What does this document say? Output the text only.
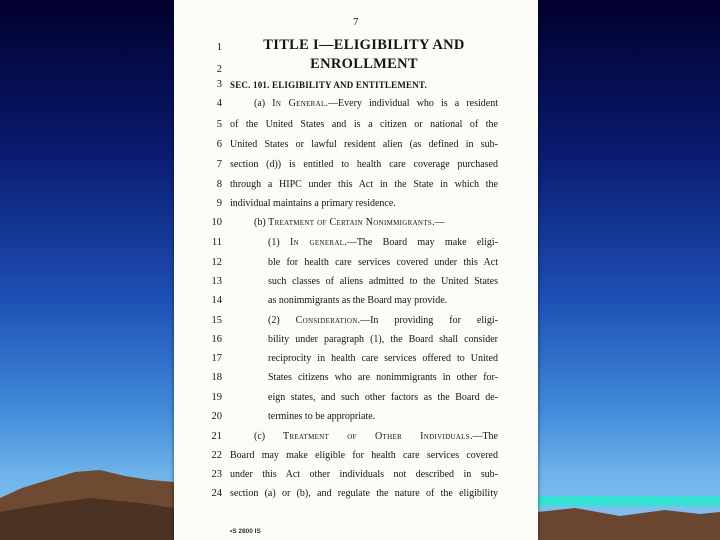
7
TITLE I—ELIGIBILITY AND
ENROLLMENT
1
2
3 SEC. 101. ELIGIBILITY AND ENTITLEMENT.
4	(a) In General.—Every individual who is a resident
5 of the United States and is a citizen or national of the
6 United States or lawful resident alien (as defined in sub-
7 section (d)) is entitled to health care coverage purchased
8 through a HIPC under this Act in the State in which the
9 individual maintains a primary residence.
10	(b) Treatment of Certain Nonimmigrants.—
11	(1) In general.—The Board may make eligi-
12	ble for health care services covered under this Act
13	such classes of aliens admitted to the United States
14	as nonimmigrants as the Board may provide.
15	(2) Consideration.—In providing for eligi-
16	bility under paragraph (1), the Board shall consider
17	reciprocity in health care services offered to United
18	States citizens who are nonimmigrants in other for-
19	eign states, and such other factors as the Board de-
20	termines to be appropriate.
21	(c) Treatment of Other Individuals.—The
22 Board may make eligible for health care services covered
23 under this Act other individuals not described in sub-
24 section (a) or (b), and regulate the nature of the eligibility
•S 2800 IS
